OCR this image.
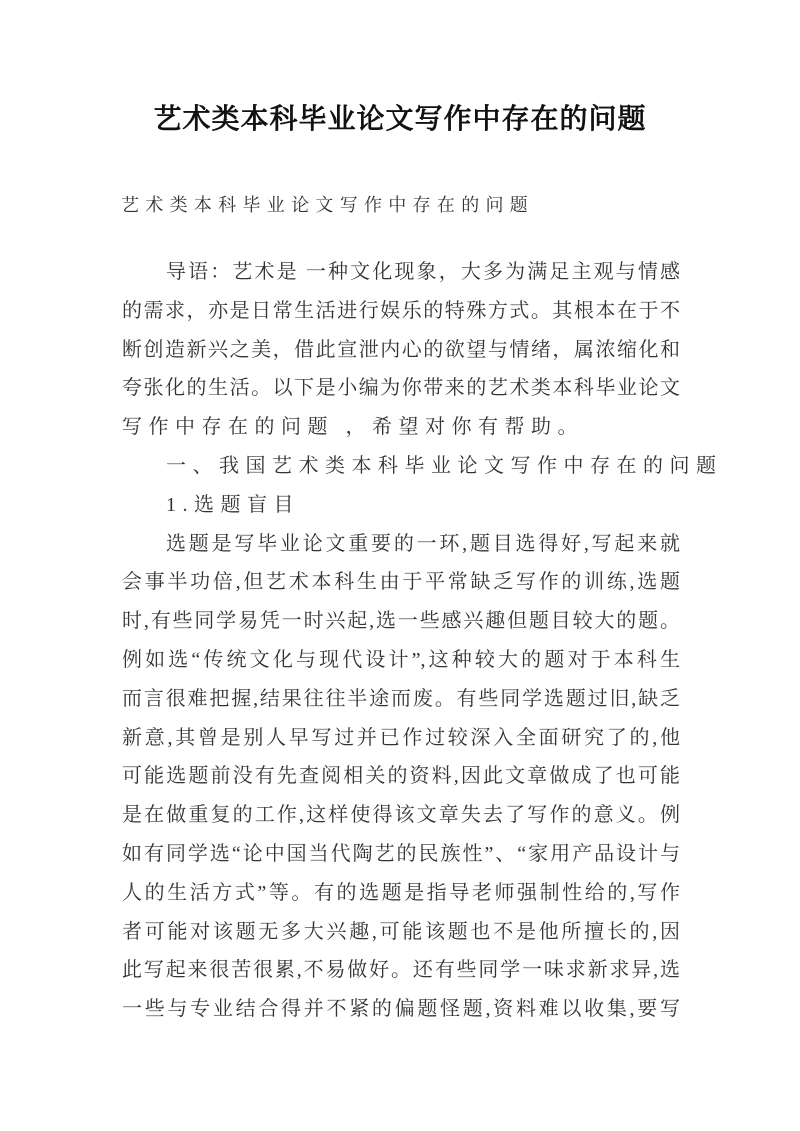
艺术类本科毕业论文写作中存在的问题
艺术类本科毕业论文写作中存在的问题
导语：艺术是 一种文化现象，大多为满足主观与情感
的需求，亦是日常生活进行娱乐的特殊方式。其根本在于不
断创造新兴之美，借此宣泄内心的欲望与情绪，属浓缩化和
夸张化的生活。以下是小编为你带来的艺术类本科毕业论文
写作中存在的问题 ，希望对你有帮助。
一、我国艺术类本科毕业论文写作中存在的问题
1.选题盲目
选题是写毕业论文重要的一环,题目选得好,写起来就
会事半功倍,但艺术本科生由于平常缺乏写作的训练,选题
时,有些同学易凭一时兴起,选一些感兴趣但题目较大的题。
例如选“传统文化与现代设计”,这种较大的题对于本科生
而言很难把握,结果往往半途而废。有些同学选题过旧,缺乏
新意,其曾是别人早写过并已作过较深入全面研究了的,他
可能选题前没有先查阅相关的资料,因此文章做成了也可能
是在做重复的工作,这样使得该文章失去了写作的意义。例
如有同学选“论中国当代陶艺的民族性”、“家用产品设计与
人的生活方式”等。有的选题是指导老师强制性给的,写作
者可能对该题无多大兴趣,可能该题也不是他所擅长的,因
此写起来很苦很累,不易做好。还有些同学一味求新求异,选
一些与专业结合得并不紧的偏题怪题,资料难以收集,要写
